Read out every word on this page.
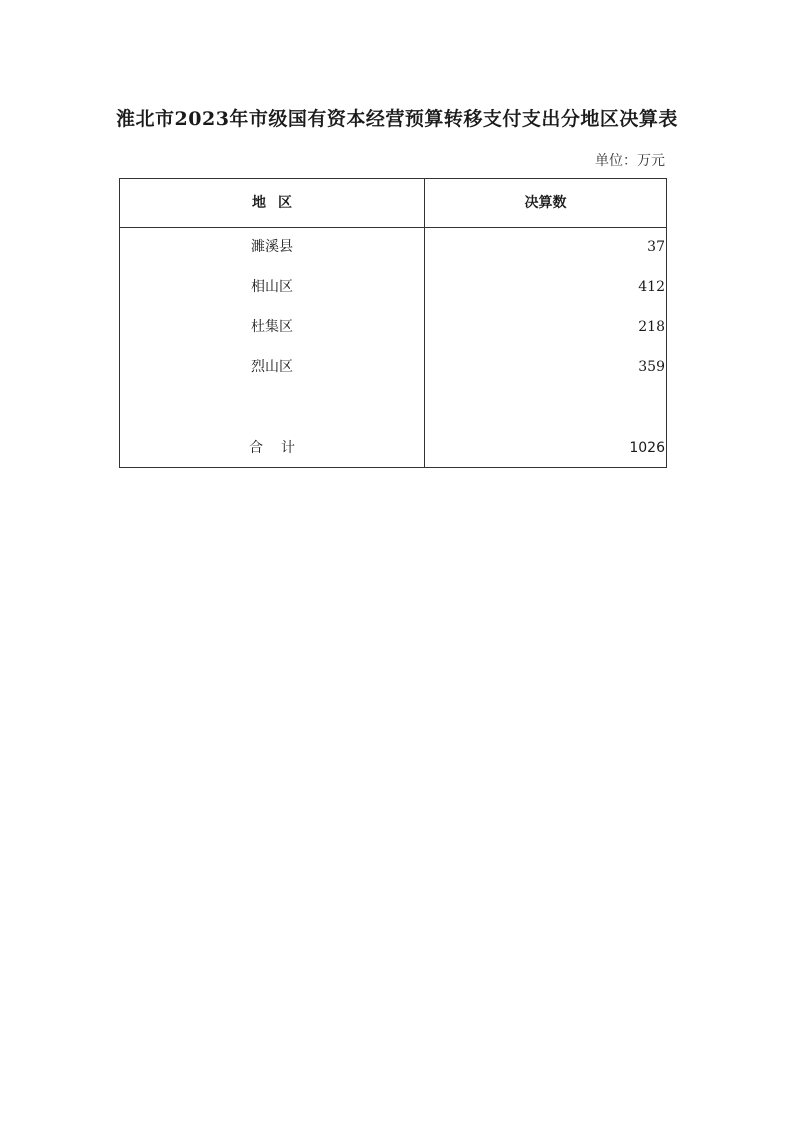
淮北市2023年市级国有资本经营预算转移支付支出分地区决算表
单位：万元
地区	决算数
濉溪县	37
相山区	412
杜集区	218
烈山区	359
合计	1026
